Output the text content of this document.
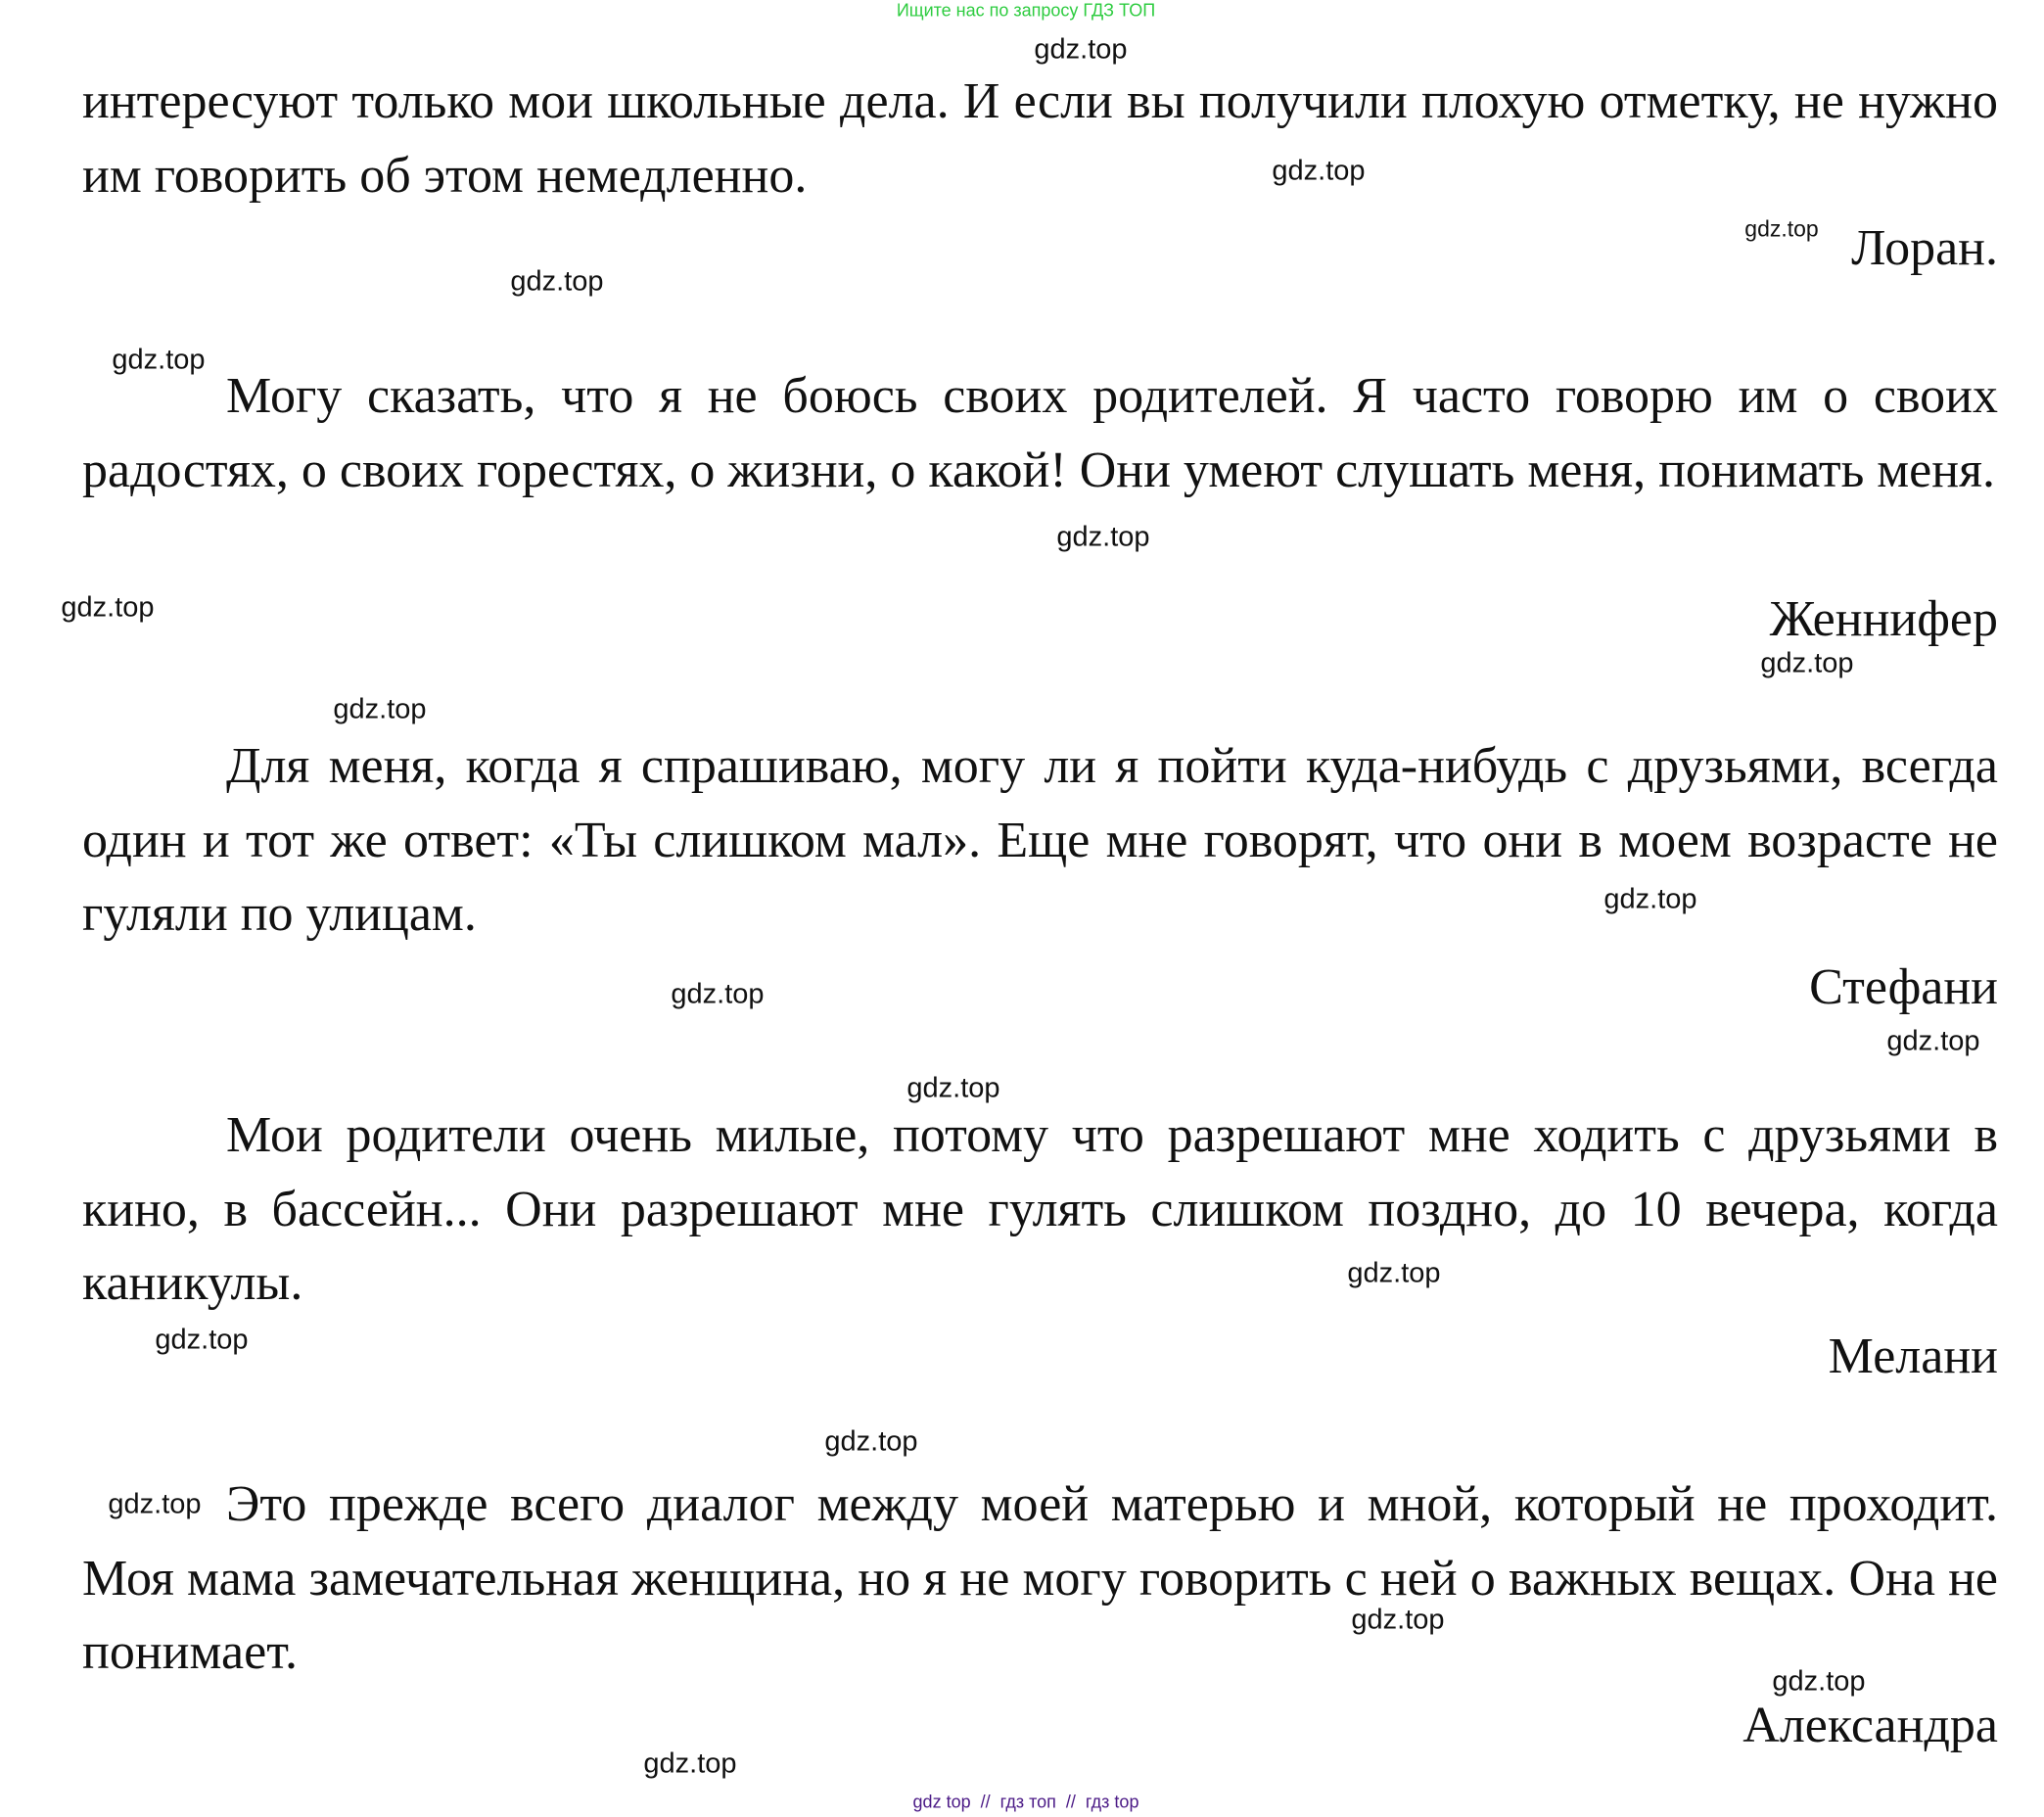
Ищите нас по запросу ГДЗ ТОП

интересуют только мои школьные дела. И если вы получили плохую отметку, не нужно им говорить об этом немедленно.

Лоран.

Могу сказать, что я не боюсь своих родителей. Я часто говорю им о своих радостях, о своих горестях, о жизни, о какой! Они умеют слушать меня, понимать меня.

Женнифер

Для меня, когда я спрашиваю, могу ли я пойти куда-нибудь с друзьями, всегда один и тот же ответ: «Ты слишком мал». Еще мне говорят, что они в моем возрасте не гуляли по улицам.

Стефани

Мои родители очень милые, потому что разрешают мне ходить с друзьями в кино, в бассейн... Они разрешают мне гулять слишком поздно, до 10 вечера, когда каникулы.

Мелани

Это прежде всего диалог между моей матерью и мной, который не проходит. Моя мама замечательная женщина, но я не могу говорить с ней о важных вещах. Она не понимает.

Александра
gdz.top
gdz.top
gdz.top
gdz.top
gdz.top
gdz.top
gdz.top
gdz.top
gdz.top
gdz.top
gdz.top
gdz.top
gdz.top
gdz.top
gdz.top
gdz.top
gdz.top
gdz.top
gdz.top
gdz.top
gdz top  //  гдз топ  //  гдз top
